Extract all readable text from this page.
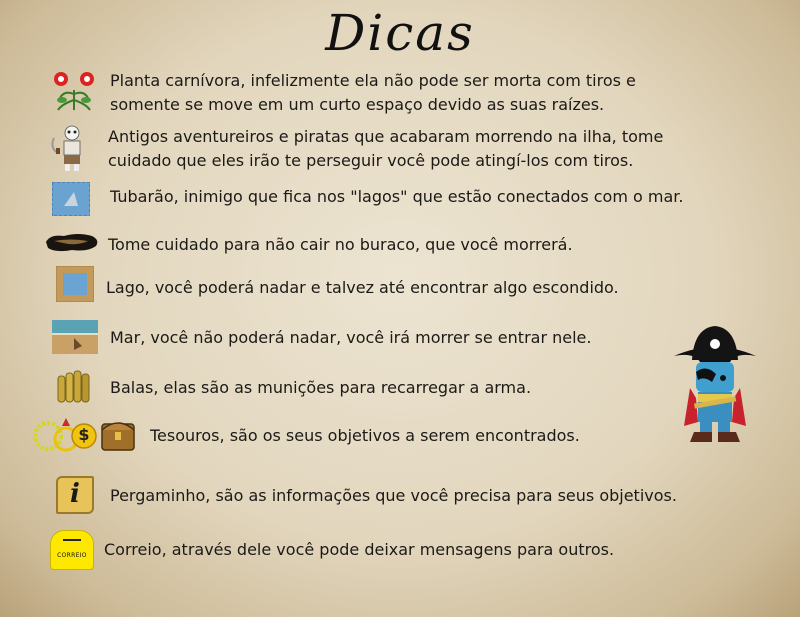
Dicas
Planta carnívora, infelizmente ela não pode ser morta com tiros e somente se move em um curto espaço devido as suas raízes.
Antigos aventureiros e piratas que acabaram morrendo na ilha, tome cuidado que eles irão te perseguir você pode atingí-los com tiros.
Tubarão, inimigo que fica nos "lagos" que estão conectados com o mar.
Tome cuidado para não cair no buraco, que você morrerá.
Lago, você poderá nadar e talvez até encontrar algo escondido.
Mar, você não poderá nadar, você irá morrer se entrar nele.
Balas, elas são as munições para recarregar a arma.
$	Tesouros, são os seus objetivos a serem encontrados.
i	Pergaminho, são as informações que você precisa para seus objetivos.
CORREIO	Correio, através dele você pode deixar mensagens para outros.
